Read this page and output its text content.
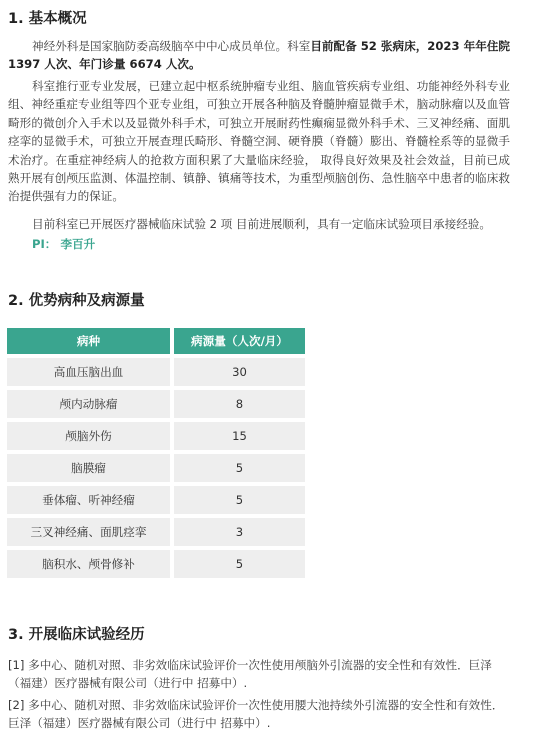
1. 基本概况

神经外科是国家脑防委高级脑卒中中心成员单位。科室目前配备 52 张病床，2023 年年住院 1397 人次、年门诊量 6674 人次。

科室推行亚专业发展，已建立起中枢系统肿瘤专业组、脑血管疾病专业组、功能神经外科专业组、神经重症专业组等四个亚专业组，可独立开展各种脑及脊髓肿瘤显微手术，脑动脉瘤以及血管畸形的微创介入手术以及显微外科手术，可独立开展耐药性癫痫显微外科手术、三叉神经痛、面肌痉挛的显微手术，可独立开展查理氏畸形、脊髓空洞、硬脊膜（脊髓）膨出、脊髓栓系等的显微手术治疗。在重症神经病人的抢救方面积累了大量临床经验， 取得良好效果及社会效益，目前已成熟开展有创颅压监测、体温控制、镇静、镇痛等技术，为重型颅脑创伤、急性脑卒中患者的临床救治提供强有力的保证。

目前科室已开展医疗器械临床试验 2 项 目前进展顺利，具有一定临床试验项目承接经验。

PI： 李百升
2. 优势病种及病源量
病种	病源量（人次/月）
高血压脑出血	30
颅内动脉瘤	8
颅脑外伤	15
脑膜瘤	5
垂体瘤、听神经瘤	5
三叉神经痛、面肌痉挛	3
脑积水、颅骨修补	5
3. 开展临床试验经历

[1] 多中心、随机对照、非劣效临床试验评价一次性使用颅脑外引流器的安全性和有效性．巨泽（福建）医疗器械有限公司（进行中 招募中）.

[2] 多中心、随机对照、非劣效临床试验评价一次性使用腰大池持续外引流器的安全性和有效性．巨泽（福建）医疗器械有限公司（进行中 招募中）.
